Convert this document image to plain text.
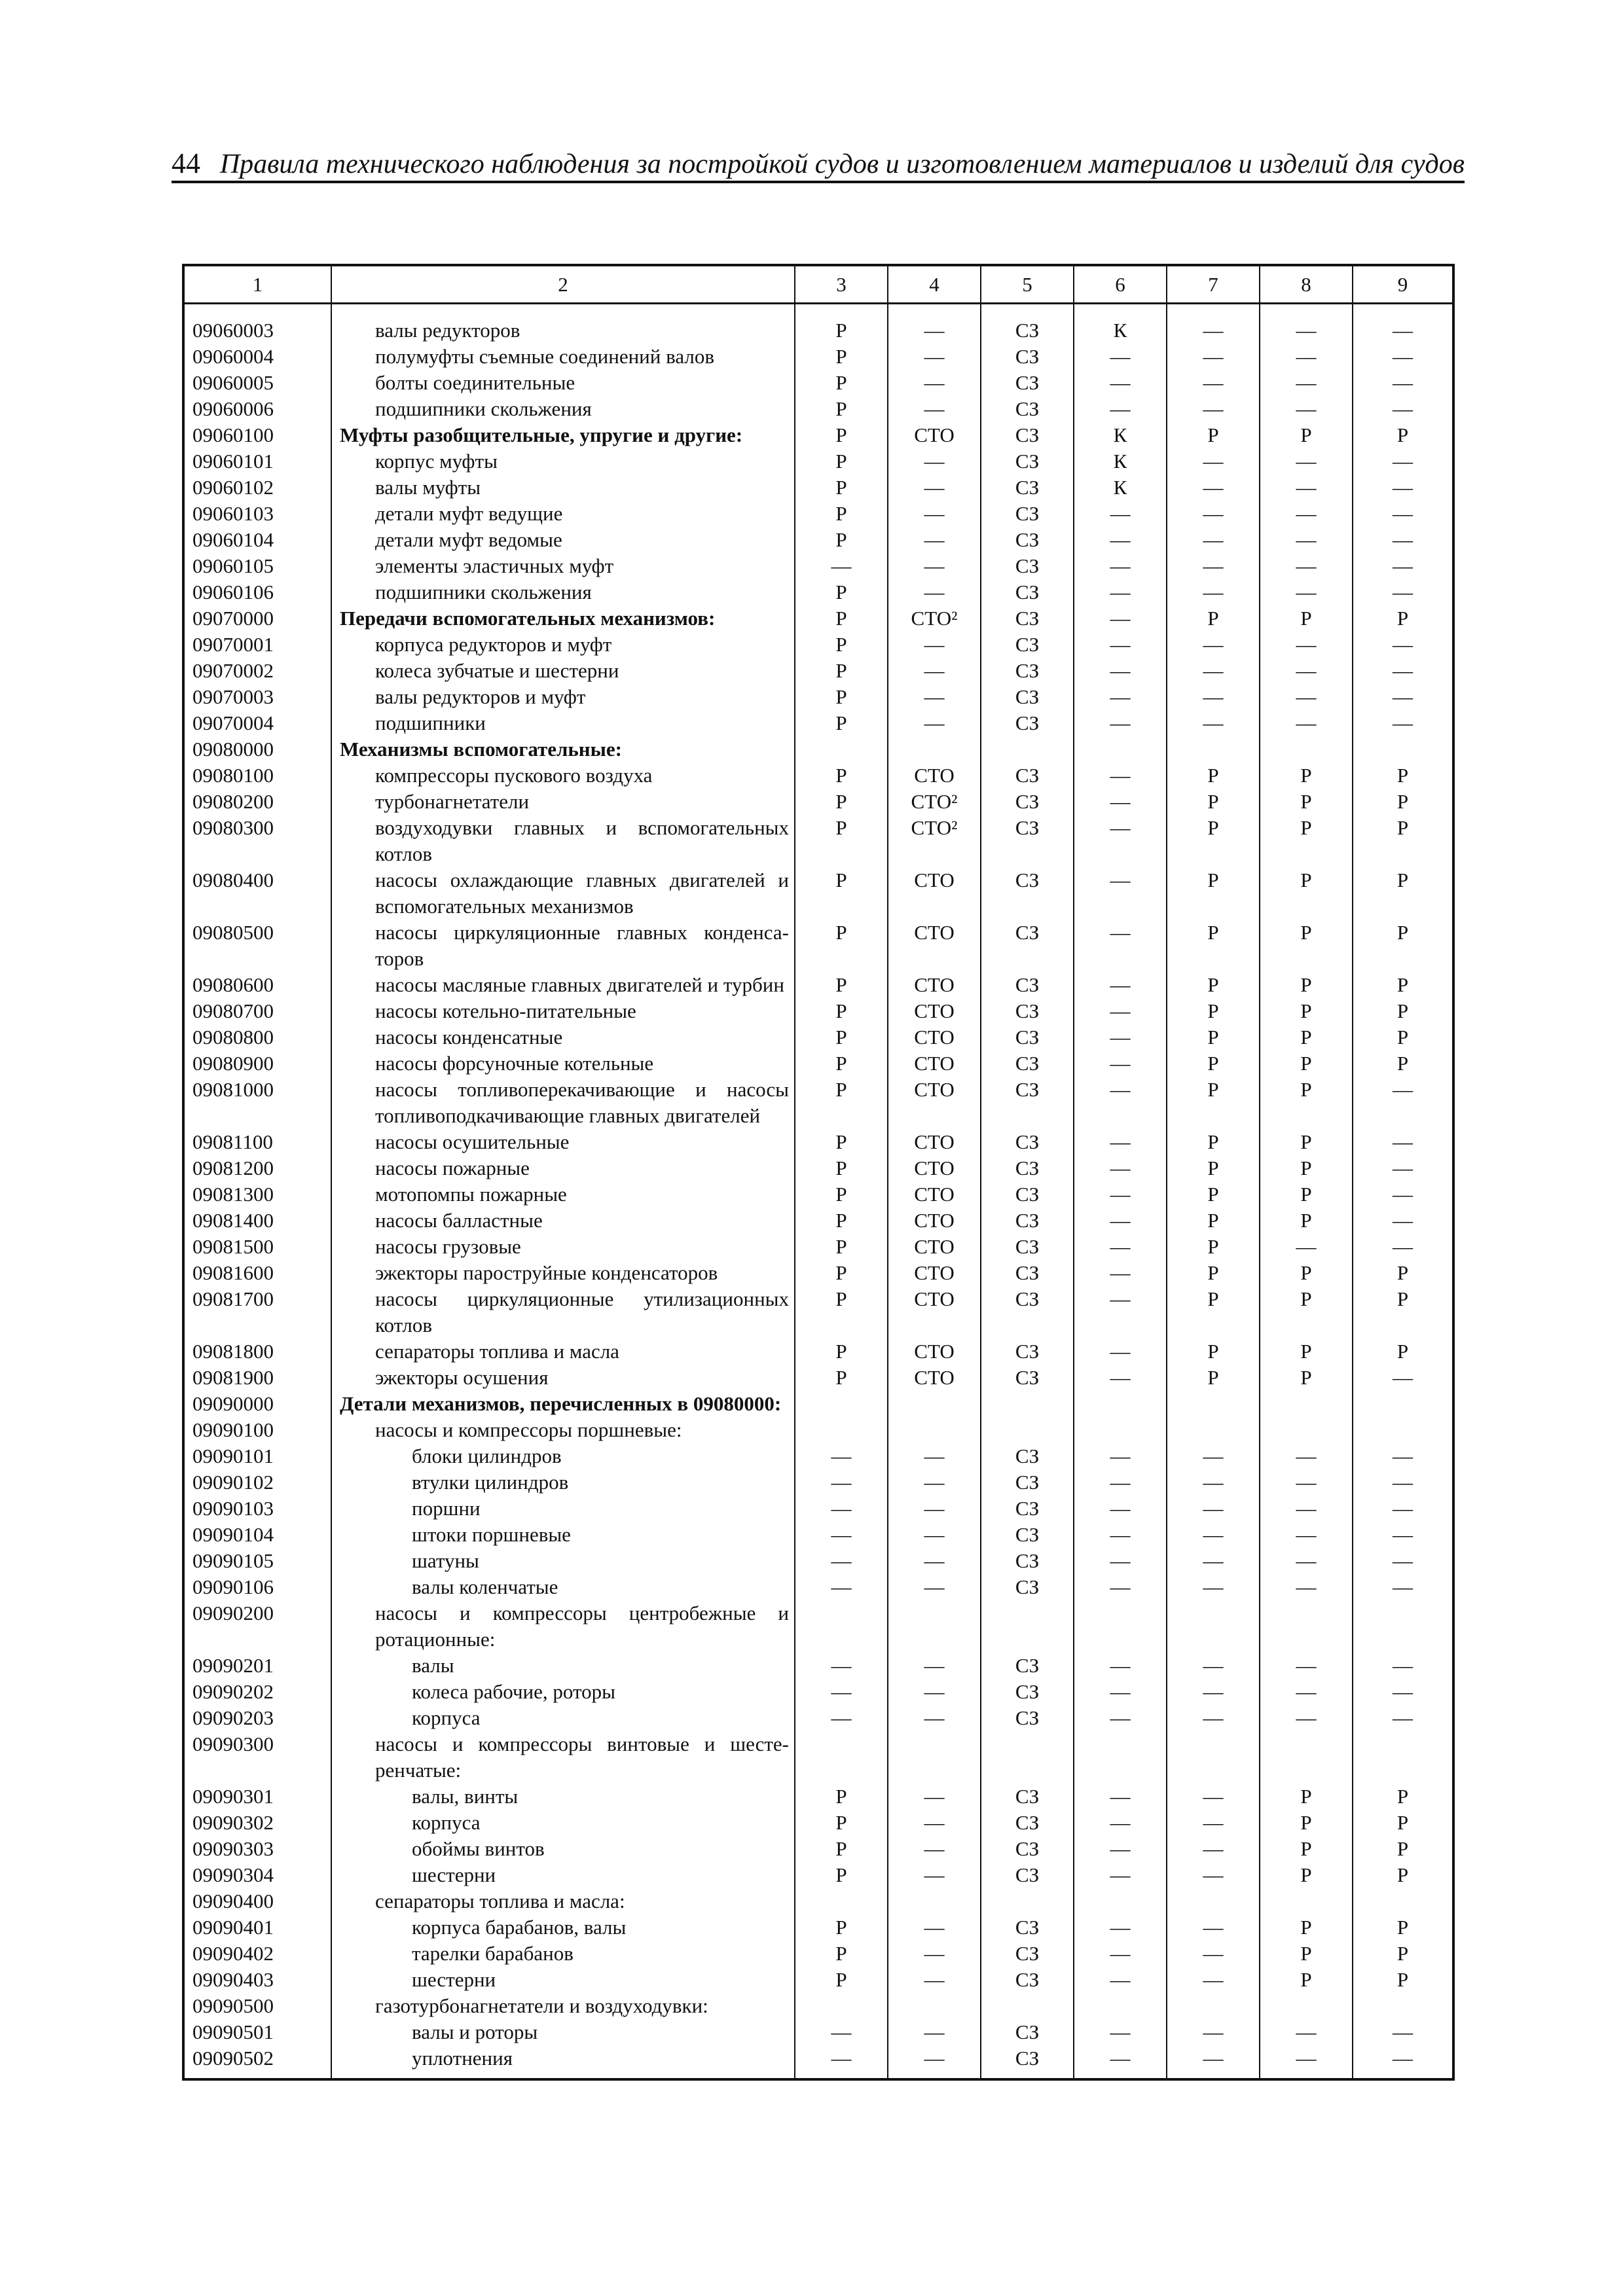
44 Правила технического наблюдения за постройкой судов и изготовлением материалов и изделий для судов
1	2	3	4	5	6	7	8	9

09060003	валы редукторов	Р	—	СЗ	К	—	—	—
09060004	полумуфты съемные соединений валов	Р	—	СЗ	—	—	—	—
09060005	болты соединительные	Р	—	СЗ	—	—	—	—
09060006	подшипники скольжения	Р	—	СЗ	—	—	—	—
09060100	Муфты разобщительные, упругие и другие:	Р	СТО	СЗ	К	Р	Р	Р
09060101	корпус муфты	Р	—	СЗ	К	—	—	—
09060102	валы муфты	Р	—	СЗ	К	—	—	—
09060103	детали муфт ведущие	Р	—	СЗ	—	—	—	—
09060104	детали муфт ведомые	Р	—	СЗ	—	—	—	—
09060105	элементы эластичных муфт	—	—	СЗ	—	—	—	—
09060106	подшипники скольжения	Р	—	СЗ	—	—	—	—
09070000	Передачи вспомогательных механизмов:	Р	СТО²	СЗ	—	Р	Р	Р
09070001	корпуса редукторов и муфт	Р	—	СЗ	—	—	—	—
09070002	колеса зубчатые и шестерни	Р	—	СЗ	—	—	—	—
09070003	валы редукторов и муфт	Р	—	СЗ	—	—	—	—
09070004	подшипники	Р	—	СЗ	—	—	—	—
09080000	Механизмы вспомогательные:							

09080100	компрессоры пускового воздуха	Р	СТО	СЗ	—	Р	Р	Р
09080200	турбонагнетатели	Р	СТО²	СЗ	—	Р	Р	Р
09080300	воздуходувки главных и вспомогательных котлов	Р	СТО²	СЗ	—	Р	Р	Р
09080400	насосы охлаждающие главных двигателей и вспомогательных механизмов	Р	СТО	СЗ	—	Р	Р	Р
09080500	насосы циркуляционные главных конденса-торов	Р	СТО	СЗ	—	Р	Р	Р
09080600	насосы масляные главных двигателей и турбин	Р	СТО	СЗ	—	Р	Р	Р
09080700	насосы котельно-питательные	Р	СТО	СЗ	—	Р	Р	Р
09080800	насосы конденсатные	Р	СТО	СЗ	—	Р	Р	Р
09080900	насосы форсуночные котельные	Р	СТО	СЗ	—	Р	Р	Р
09081000	насосы топливоперекачивающие и насосы топливоподкачивающие главных двигателей	Р	СТО	СЗ	—	Р	Р	—
09081100	насосы осушительные	Р	СТО	СЗ	—	Р	Р	—
09081200	насосы пожарные	Р	СТО	СЗ	—	Р	Р	—
09081300	мотопомпы пожарные	Р	СТО	СЗ	—	Р	Р	—
09081400	насосы балластные	Р	СТО	СЗ	—	Р	Р	—
09081500	насосы грузовые	Р	СТО	СЗ	—	Р	—	—
09081600	эжекторы пароструйные конденсаторов	Р	СТО	СЗ	—	Р	Р	Р
09081700	насосы циркуляционные утилизационных котлов	Р	СТО	СЗ	—	Р	Р	Р
09081800	сепараторы топлива и масла	Р	СТО	СЗ	—	Р	Р	Р
09081900	эжекторы осушения	Р	СТО	СЗ	—	Р	Р	—
09090000	Детали механизмов, перечисленных в 09080000:							

09090100	насосы и компрессоры поршневые:							

09090101	блоки цилиндров	—	—	СЗ	—	—	—	—
09090102	втулки цилиндров	—	—	СЗ	—	—	—	—
09090103	поршни	—	—	СЗ	—	—	—	—
09090104	штоки поршневые	—	—	СЗ	—	—	—	—
09090105	шатуны	—	—	СЗ	—	—	—	—
09090106	валы коленчатые	—	—	СЗ	—	—	—	—
09090200	насосы и компрессоры центробежные и ротационные:							

09090201	валы	—	—	СЗ	—	—	—	—
09090202	колеса рабочие, роторы	—	—	СЗ	—	—	—	—
09090203	корпуса	—	—	СЗ	—	—	—	—
09090300	насосы и компрессоры винтовые и шесте-ренчатые:							

09090301	валы, винты	Р	—	СЗ	—	—	Р	Р
09090302	корпуса	Р	—	СЗ	—	—	Р	Р
09090303	обоймы винтов	Р	—	СЗ	—	—	Р	Р
09090304	шестерни	Р	—	СЗ	—	—	Р	Р
09090400	сепараторы топлива и масла:							

09090401	корпуса барабанов, валы	Р	—	СЗ	—	—	Р	Р
09090402	тарелки барабанов	Р	—	СЗ	—	—	Р	Р
09090403	шестерни	Р	—	СЗ	—	—	Р	Р
09090500	газотурбонагнетатели и воздуходувки:							

09090501	валы и роторы	—	—	СЗ	—	—	—	—
09090502	уплотнения	—	—	СЗ	—	—	—	—
